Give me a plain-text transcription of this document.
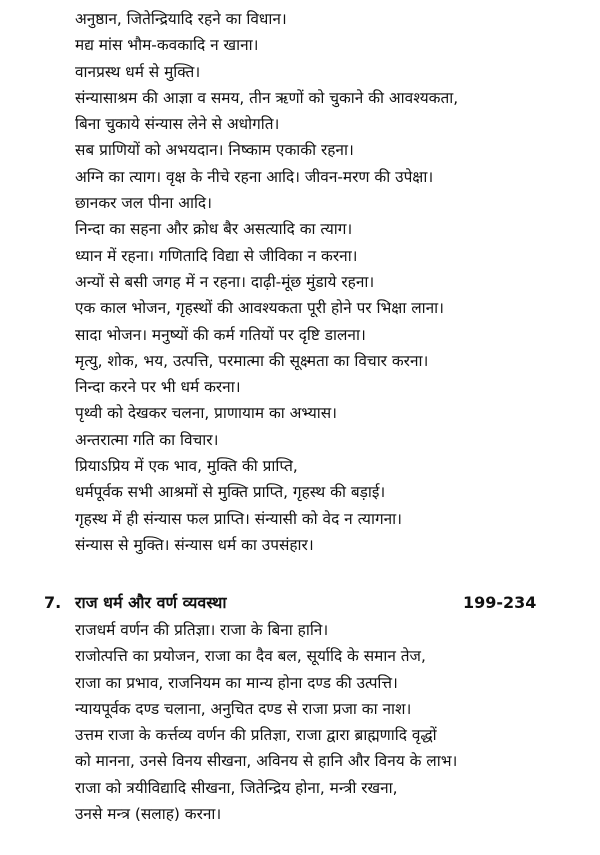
अनुष्ठान, जितेन्द्रियादि रहने का विधान।
मद्य मांस भौम-कवकादि न खाना।
वानप्रस्थ धर्म से मुक्ति।
संन्यासाश्रम की आज्ञा व समय, तीन ऋणों को चुकाने की आवश्यकता,
बिना चुकाये संन्यास लेने से अधोगति।
सब प्राणियों को अभयदान। निष्काम एकाकी रहना।
अग्नि का त्याग। वृक्ष के नीचे रहना आदि। जीवन-मरण की उपेक्षा।
छानकर जल पीना आदि।
निन्दा का सहना और क्रोध बैर असत्यादि का त्याग।
ध्यान में रहना। गणितादि विद्या से जीविका न करना।
अन्यों से बसी जगह में न रहना। दाढ़ी-मूंछ मुंडाये रहना।
एक काल भोजन, गृहस्थों की आवश्यकता पूरी होने पर भिक्षा लाना।
सादा भोजन। मनुष्यों की कर्म गतियों पर दृष्टि डालना।
मृत्यु, शोक, भय, उत्पत्ति, परमात्मा की सूक्ष्मता का विचार करना।
निन्दा करने पर भी धर्म करना।
पृथ्वी को देखकर चलना, प्राणायाम का अभ्यास।
अन्तरात्मा गति का विचार।
प्रियाऽप्रिय में एक भाव, मुक्ति की प्राप्ति,
धर्मपूर्वक सभी आश्रमों से मुक्ति प्राप्ति, गृहस्थ की बड़ाई।
गृहस्थ में ही संन्यास फल प्राप्ति। संन्यासी को वेद न त्यागना।
संन्यास से मुक्ति। संन्यास धर्म का उपसंहार।
7. राज धर्म और वर्ण व्यवस्था	199-234
राजधर्म वर्णन की प्रतिज्ञा। राजा के बिना हानि।
राजोत्पत्ति का प्रयोजन, राजा का दैव बल, सूर्यादि के समान तेज,
राजा का प्रभाव, राजनियम का मान्य होना दण्ड की उत्पत्ति।
न्यायपूर्वक दण्ड चलाना, अनुचित दण्ड से राजा प्रजा का नाश।
उत्तम राजा के कर्त्तव्य वर्णन की प्रतिज्ञा, राजा द्वारा ब्राह्मणादि वृद्धों
को मानना, उनसे विनय सीखना, अविनय से हानि और विनय के लाभ।
राजा को त्रयीविद्यादि सीखना, जितेन्द्रिय होना, मन्त्री रखना,
उनसे मन्त्र (सलाह) करना।
